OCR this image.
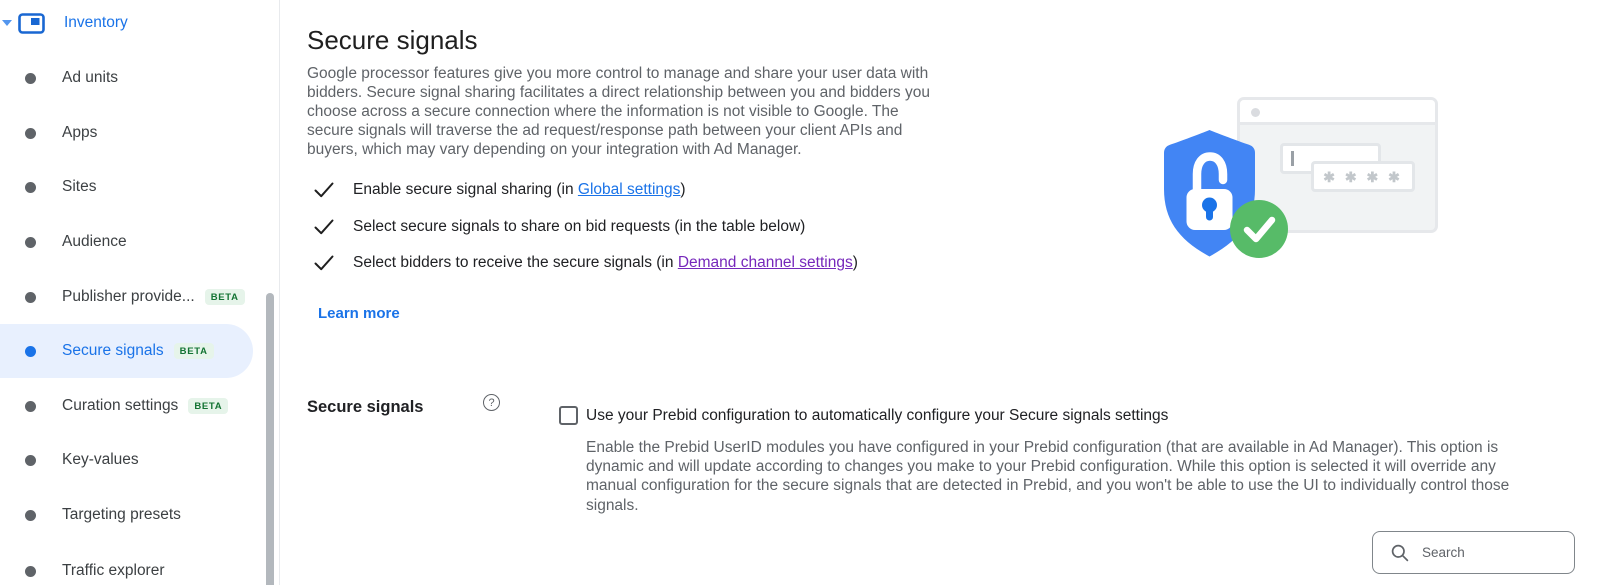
Inventory
Ad units
Apps
Sites
Audience
Publisher provide...	BETA
Secure signals	BETA
Curation settings	BETA
Key-values
Targeting presets
Traffic explorer
Secure signals

Google processor features give you more control to manage and share your user data with bidders. Secure signal sharing facilitates a direct relationship between you and bidders you choose across a secure connection where the information is not visible to Google. The secure signals will traverse the ad request/response path between your client APIs and buyers, which may vary depending on your integration with Ad Manager.

Enable secure signal sharing (in Global settings)
Select secure signals to share on bid requests (in the table below)
Select bidders to receive the secure signals (in Demand channel settings)
Learn more
Secure signals	?
Use your Prebid configuration to automatically configure your Secure signals settings

Enable the Prebid UserID modules you have configured in your Prebid configuration (that are available in Ad Manager). This option is dynamic and will update according to changes you make to your Prebid configuration. While this option is selected it will override any manual configuration for the secure signals that are detected in Prebid, and you won't be able to use the UI to individually control those signals.

Search
✱ ✱ ✱ ✱
